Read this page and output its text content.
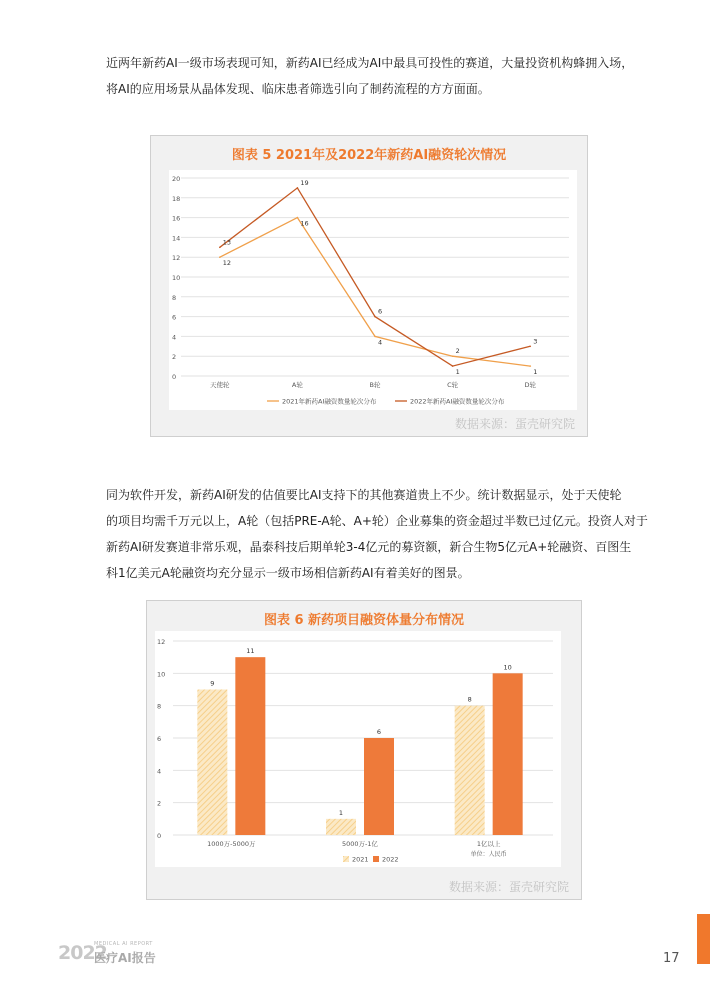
近两年新药AI一级市场表现可知，新药AI已经成为AI中最具可投性的赛道，大量投资机构蜂拥入场，
将AI的应用场景从晶体发现、临床患者筛选引向了制药流程的方方面面。

图表 5 2021年及2022年新药AI融资轮次情况

0
2
4
6
8
10
12
14
16
18
20
天使轮	A轮	B轮	C轮	D轮
12
16
4
2
1
13
19
6
1
3
2021年新药AI融资数量轮次分布	2022年新药AI融资数量轮次分布
数据来源：蛋壳研究院

同为软件开发，新药AI研发的估值要比AI支持下的其他赛道贵上不少。统计数据显示，处于天使轮
的项目均需千万元以上，A轮（包括PRE-A轮、A+轮）企业募集的资金超过半数已过亿元。投资人对于
新药AI研发赛道非常乐观，晶泰科技后期单轮3-4亿元的募资额，新合生物5亿元A+轮融资、百图生
科1亿美元A轮融资均充分显示一级市场相信新药AI有着美好的图景。

图表 6 新药项目融资体量分布情况

0
2
4
6
8
10
12
1000万-5000万
9
11
5000万-1亿
1
6
1亿以上
8
10
单位：人民币
2021 2022
数据来源：蛋壳研究院
2022
MEDICAL AI REPORT
医疗AI报告	17
